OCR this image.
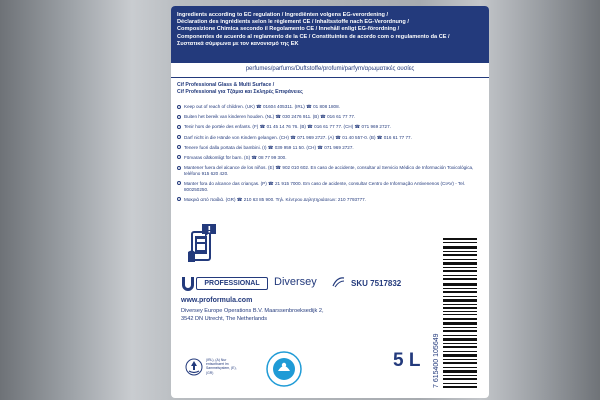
Ingredients according to EC regulation / Ingrediënten volgens EG-verordening /
Déclaration des ingrédients selon le règlement CE / Inhaltsstoffe nach EG-Verordnung /
Composizione Chimica secondo il Regolamento CE / Innehåll enligt EG-förordning /
Componentes de acuerdo al reglamento de la CE / Constituintes de acordo com o regulamento da CE /
Συστατικά σύμφωνα με τον κανονισμό της ΕΚ
perfumes/parfums/Duftstoffe/profumi/parfym/αρωματικές ουσίες
Cif Professional Glass & Multi Surface /
Cif Professional για Τζάμια και Σκληρές Επιφάνειες
Keep out of reach of children. (UK) ☎ 01604 405311. (IRL) ☎ 01 808 1808.
Buiten het bereik van kinderen houden. (NL) ☎ 030 2476 911. (B) ☎ 016 61 77 77.
Tenir hors de portée des enfants. (F) ☎ 01 45 14 76 76. (B) ☎ 016 61 77 77. (CH) ☎ 071 969 2727.
Darf nicht in die Hände von Kindern gelangen. (CH) ☎ 071 969 2727. (A) ☎ 01 40 557-0. (B) ☎ 016 61 77 77.
Tenere fuori dalla portata dei bambini. (I) ☎ 039 959 11 50. (CH) ☎ 071 969 2727.
Förvaras oåtkomligt för barn. (S) ☎ 08 77 99 300.
Mantener fuera del alcance de los niños. (E) ☎ 902 010 602. En caso de accidente, consultar al Servicio Médico de Información Toxicológica, teléfono 915 620 420.
Manter fora do alcance das crianças. (P) ☎ 21 915 7000. Em caso de acidente, consultar Centro de Informação Antivenenos (CIAV) - Tel. 800250250.
Μακριά από παιδιά. (GR) ☎ 210 63 85 900. Τηλ. Κέντρου Δηλητηριάσεων: 210 7793777.
PROFESSIONAL	Diversey	SKU 7517832
www.proformula.com
Diversey Europe Operations B.V. Maarssenbroeksedijk 2,
3542 DN Utrecht, The Netherlands
(IRL), (A) Nur entsorlbaert Im Sammelsystem, (E), (GR)
5 L 7 615400 105649
